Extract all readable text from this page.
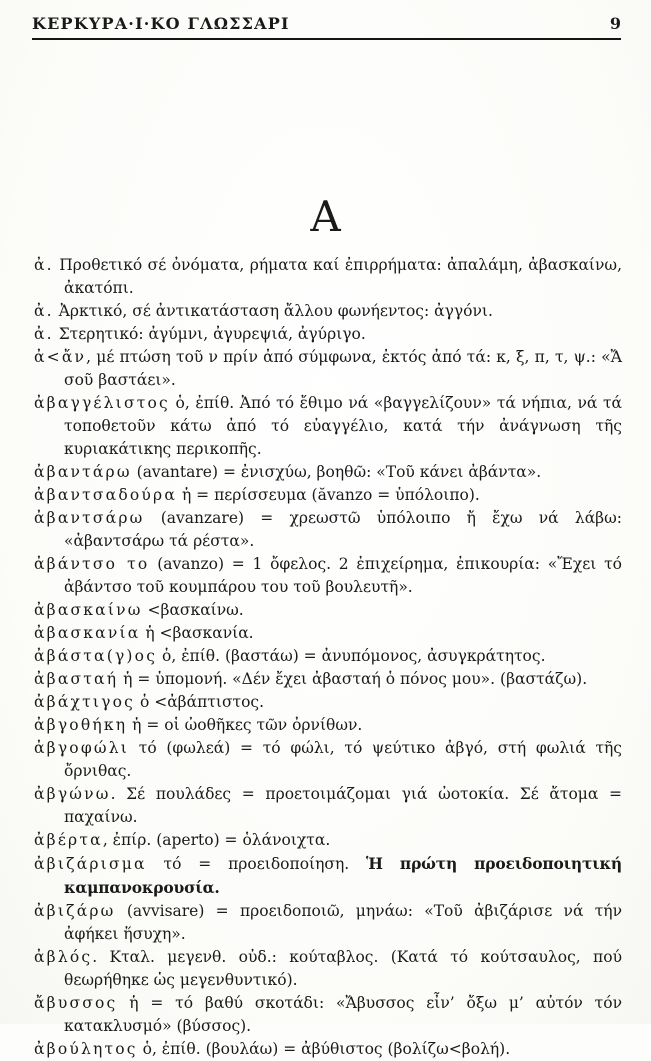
ΚΕΡΚΥΡΑ·Ι·ΚΟ ΓΛΩΣΣΑΡΙ	9
A

ἀ. Προθετικό σέ ὀνόματα, ρήματα καί ἐπιρρήματα: ἀπαλάμη, ἀβασκαίνω, ἀκατόπι.

ἀ. Ἀρκτικό, σέ ἀντικατάσταση ἄλλου φωνήεντος: ἀγγόνι.

ἀ. Στερητικό: ἀγύμνι, ἀγυρεψιά, ἀγύριγο.

ἀ<ἄν, μέ πτώση τοῦ ν πρίν ἀπό σύμφωνα, ἐκτός ἀπό τά: κ, ξ, π, τ, ψ.: «Ἄ σοῦ βαστάει».

ἀβαγγέλιστος ὁ, ἐπίθ. Ἀπό τό ἔθιμο νά «βαγγελίζουν» τά νήπια, νά τά τοποθετοῦν κάτω ἀπό τό εὐαγγέλιο, κατά τήν ἀνάγνωση τῆς κυριακάτικης περικοπῆς.

ἀβαντάρω (avantare) = ἐνισχύω, βοηθῶ: «Τοῦ κάνει ἀβάντα».

ἀβαντσαδούρα ἡ = περίσσευμα (ăvanzo = ὑπόλοιπο).

ἀβαντσάρω (avanzare) = χρεωστῶ ὑπόλοιπο ἤ ἔχω νά λάβω: «ἀβαντσάρω τά ρέστα».

ἀβάντσο το (avanzo) = 1 ὄφελος. 2 ἐπιχείρημα, ἐπικουρία: «Ἔχει τό ἀβάντσο τοῦ κουμπάρου του τοῦ βουλευτῆ».

ἀβασκαίνω <βασκαίνω.

ἀβασκανία ἡ <βασκανία.

ἀβάστα(γ)ος ὁ, ἐπίθ. (βαστάω) = ἀνυπόμονος, ἀσυγκράτητος.

ἀβασταή ἡ = ὑπομονή. «Δέν ἔχει ἀβασταή ὁ πόνος μου». (βαστάζω).

ἀβάχτιγος ὁ <ἀβάπτιστος.

ἀβγοθήκη ἡ = οἱ ὠοθῆκες τῶν ὀρνίθων.

ἀβγοφώλι τό (φωλεά) = τό φώλι, τό ψεύτικο ἀβγό, στή φωλιά τῆς ὄρνιθας.

ἀβγώνω. Σέ πουλάδες = προετοιμάζομαι γιά ὠοτοκία. Σέ ἄτομα = παχαίνω.

ἀβέρτα, ἐπίρ. (aperto) = ὁλάνοιχτα.

ἀβιζάρισμα τό = προειδοποίηση. Ἡ πρώτη προειδοποιητική καμπανοκρουσία.

ἀβιζάρω (avvisare) = προειδοποιῶ, μηνάω: «Τοῦ ἀβιζάρισε νά τήν ἀφήκει ἥσυχη».

ἀβλός. Κταλ. μεγενθ. οὐδ.: κούταβλος. (Κατά τό κούτσαυλος, πού θεωρήθηκε ὡς μεγενθυντικό).

ἄβυσσος ἡ = τό βαθύ σκοτάδι: «Ἄβυσσος εἶν’ ὄξω μ’ αὐτόν τόν κατακλυσμό» (βύσσος).

ἀβούλητος ὁ, ἐπίθ. (βουλάω) = ἀβύθιστος (βολίζω<βολή).
